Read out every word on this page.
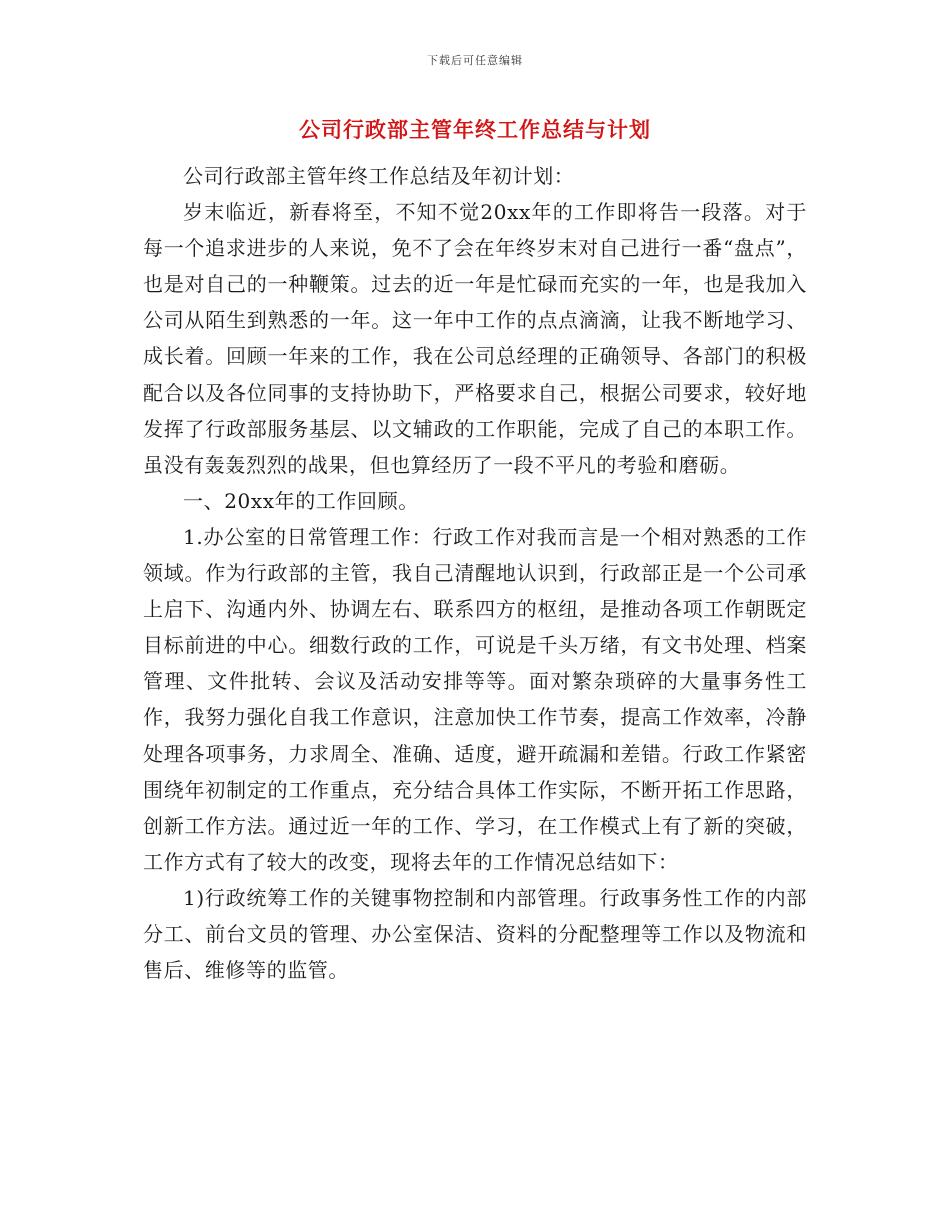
下载后可任意编辑
公司行政部主管年终工作总结与计划

公司行政部主管年终工作总结及年初计划：

岁末临近，新春将至，不知不觉20xx年的工作即将告一段落。对于每一个追求进步的人来说，免不了会在年终岁末对自己进行一番“盘点”，也是对自己的一种鞭策。过去的近一年是忙碌而充实的一年，也是我加入公司从陌生到熟悉的一年。这一年中工作的点点滴滴，让我不断地学习、成长着。回顾一年来的工作，我在公司总经理的正确领导、各部门的积极配合以及各位同事的支持协助下，严格要求自己，根据公司要求，较好地发挥了行政部服务基层、以文辅政的工作职能，完成了自己的本职工作。虽没有轰轰烈烈的战果，但也算经历了一段不平凡的考验和磨砺。

一、20xx年的工作回顾。

1.办公室的日常管理工作：行政工作对我而言是一个相对熟悉的工作领域。作为行政部的主管，我自己清醒地认识到，行政部正是一个公司承上启下、沟通内外、协调左右、联系四方的枢纽，是推动各项工作朝既定目标前进的中心。细数行政的工作，可说是千头万绪，有文书处理、档案管理、文件批转、会议及活动安排等等。面对繁杂琐碎的大量事务性工作，我努力强化自我工作意识，注意加快工作节奏，提高工作效率，冷静处理各项事务，力求周全、准确、适度，避开疏漏和差错。行政工作紧密围绕年初制定的工作重点，充分结合具体工作实际，不断开拓工作思路，创新工作方法。通过近一年的工作、学习，在工作模式上有了新的突破，工作方式有了较大的改变，现将去年的工作情况总结如下：

1)行政统筹工作的关键事物控制和内部管理。行政事务性工作的内部分工、前台文员的管理、办公室保洁、资料的分配整理等工作以及物流和售后、维修等的监管。
